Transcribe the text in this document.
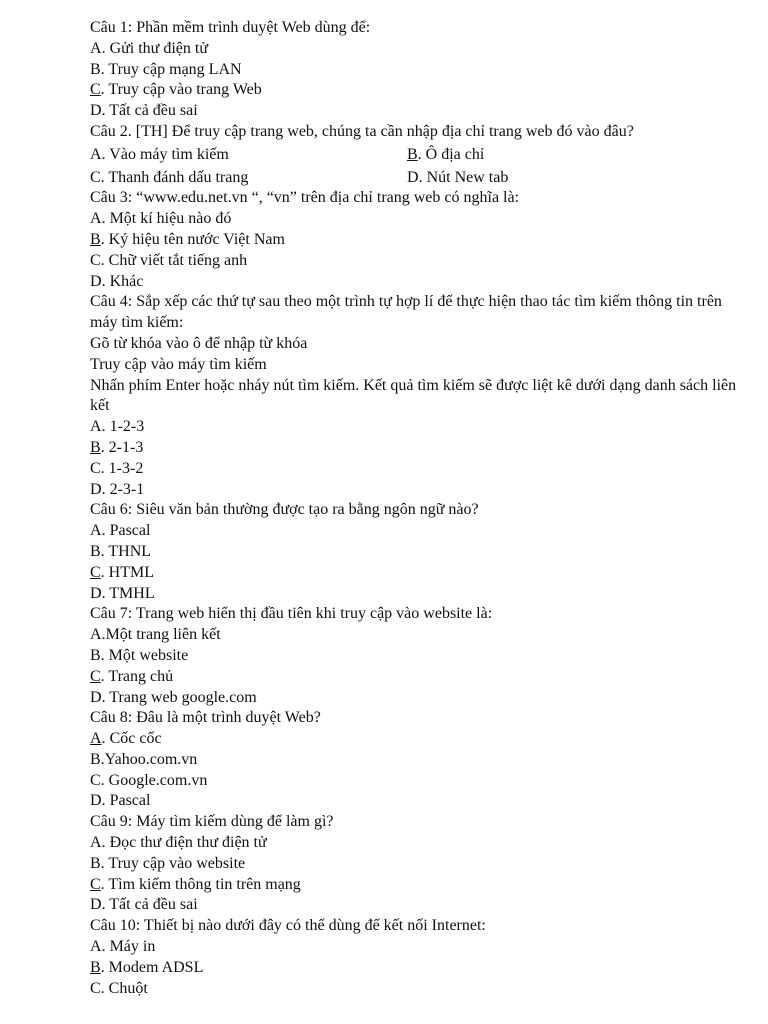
Câu 1: Phần mềm trình duyệt Web dùng để:
A. Gửi thư điện tử
B. Truy cập mạng LAN
C. Truy cập vào trang Web
D. Tất cả đều sai
Câu 2. [TH] Để truy cập trang web, chúng ta cần nhập địa chỉ trang web đó vào đâu?
A. Vào máy tìm kiếm	B. Ô địa chỉ
C. Thanh đánh dấu trang	D. Nút New tab
Câu 3: “www.edu.net.vn “, “vn” trên địa chỉ trang web có nghĩa là:
A. Một kí hiệu nào đó
B. Ký hiệu tên nước Việt Nam
C. Chữ viết tắt tiếng anh
D. Khác
Câu 4: Sắp xếp các thứ tự sau theo một trình tự hợp lí để thực hiện thao tác tìm kiếm thông tin trên máy tìm kiếm:
Gõ từ khóa vào ô để nhập từ khóa
Truy cập vào máy tìm kiếm
Nhấn phím Enter hoặc nháy nút tìm kiếm. Kết quả tìm kiếm sẽ được liệt kê dưới dạng danh sách liên kết
A. 1-2-3
B. 2-1-3
C. 1-3-2
D. 2-3-1
Câu 6: Siêu văn bản thường được tạo ra bằng ngôn ngữ nào?
A. Pascal
B. THNL
C. HTML
D. TMHL
Câu 7: Trang web hiển thị đầu tiên khi truy cập vào website là:
A.Một trang liên kết
B. Một website
C. Trang chủ
D. Trang web google.com
Câu 8: Đâu là một trình duyệt Web?
A. Cốc cốc
B.Yahoo.com.vn
C. Google.com.vn
D. Pascal
Câu 9: Máy tìm kiếm dùng để làm gì?
A. Đọc thư điện thư điện tử
B. Truy cập vào website
C. Tìm kiếm thông tin trên mạng
D. Tất cả đều sai
Câu 10: Thiết bị nào dưới đây có thể dùng để kết nối Internet:
A. Máy in
B. Modem ADSL
C. Chuột
